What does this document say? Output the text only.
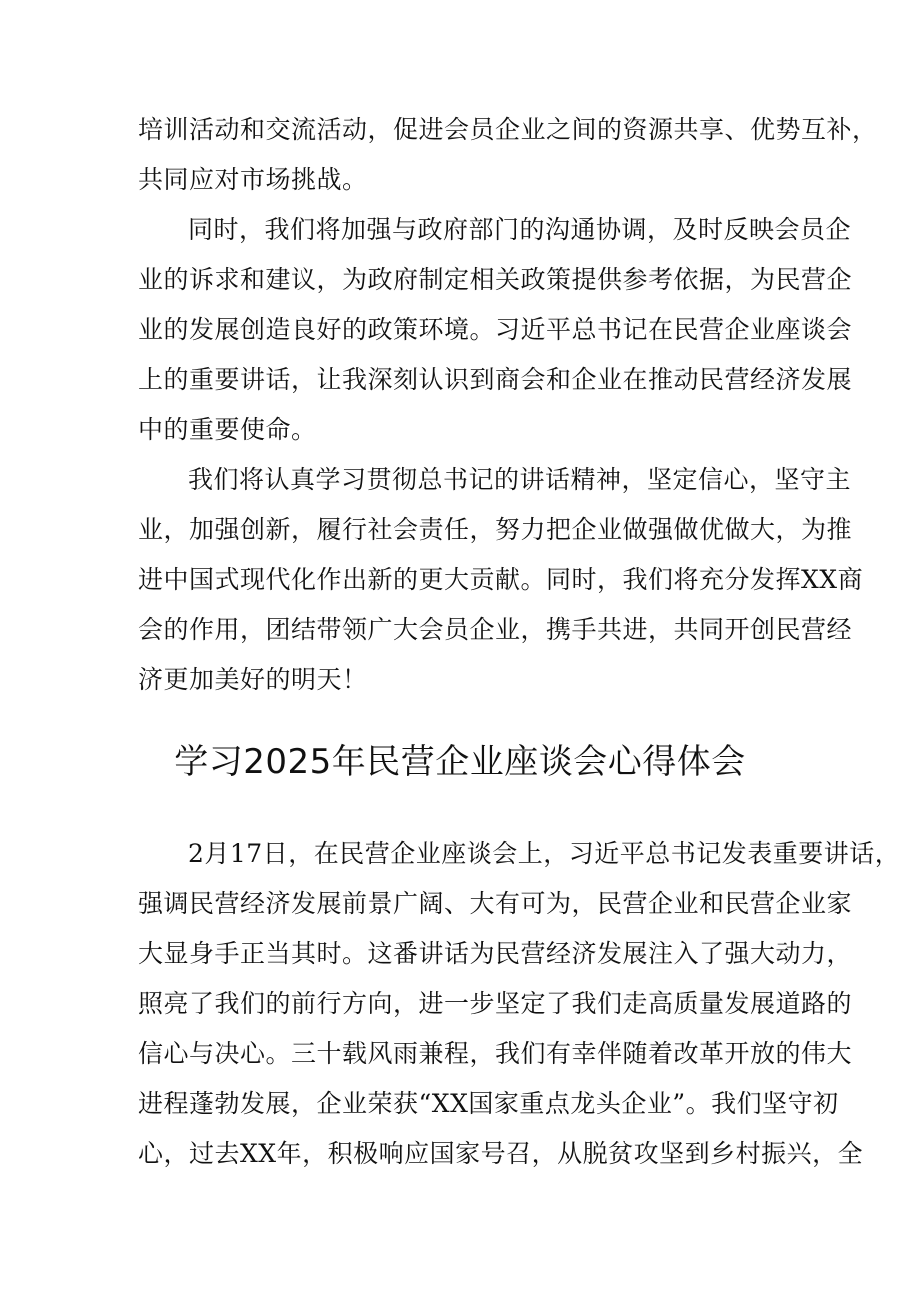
培训活动和交流活动，促进会员企业之间的资源共享、优势互补，
共同应对市场挑战。
同时，我们将加强与政府部门的沟通协调，及时反映会员企
业的诉求和建议，为政府制定相关政策提供参考依据，为民营企
业的发展创造良好的政策环境。习近平总书记在民营企业座谈会
上的重要讲话，让我深刻认识到商会和企业在推动民营经济发展
中的重要使命。
我们将认真学习贯彻总书记的讲话精神，坚定信心，坚守主
业，加强创新，履行社会责任，努力把企业做强做优做大，为推
进中国式现代化作出新的更大贡献。同时，我们将充分发挥XX商
会的作用，团结带领广大会员企业，携手共进，共同开创民营经
济更加美好的明天！
学习2025年民营企业座谈会心得体会
2月17日，在民营企业座谈会上，习近平总书记发表重要讲话，
强调民营经济发展前景广阔、大有可为，民营企业和民营企业家
大显身手正当其时。这番讲话为民营经济发展注入了强大动力，
照亮了我们的前行方向，进一步坚定了我们走高质量发展道路的
信心与决心。三十载风雨兼程，我们有幸伴随着改革开放的伟大
进程蓬勃发展，企业荣获“XX国家重点龙头企业”。我们坚守初
心，过去XX年，积极响应国家号召，从脱贫攻坚到乡村振兴，全
